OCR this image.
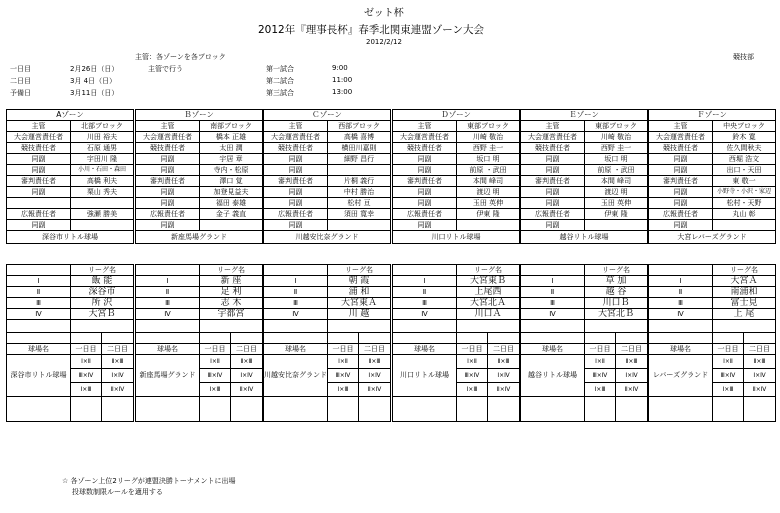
ゼット杯
2012年『理事長杯』春季北関東連盟ゾーン大会
2012/2/12
競技部
主管：各ゾーンを各ブロック
主管で行う
一日目	2月26日（日）
二日目	3月 4日（日）
予備日	3月11日（日）
第一試合	9:00
第二試合	11:00
第三試合	13:00
Aゾーン	
主管	北部ブロック
大会運営責任者	川田 裕夫
競技責任者	石原 通男
同副	宇田川 隆
同副	小川・石田・森田
審判責任者	高橋 利夫
同副	栗山 秀夫

広報責任者	強瀬 勝美
同副	
深谷市リトル球場	
	リーグ名	
Ⅰ	飯 能	
Ⅱ	深谷市	
Ⅲ	所 沢	
Ⅳ	大宮Ｂ	

球場名	一日目	二日目
深谷市リトル球場	Ⅰ×Ⅱ	Ⅱ×Ⅲ
	Ⅲ×Ⅳ	Ⅰ×Ⅳ
	Ⅰ×Ⅲ	Ⅱ×Ⅳ

Ｂゾーン	
主管	南部ブロック
大会運営責任者	橋本 正雄
競技責任者	太田 潤
同副	宇居 章
同副	寺内・松原
審判責任者	澤口 覚
同副	加登見益夫
同副	福田 泰雄
広報責任者	金子 義直
同副	
新座馬場グランド	
	リーグ名	
Ⅰ	新 座	
Ⅱ	足 利	
Ⅲ	志 木	
Ⅳ	宇都宮	

球場名	一日目	二日目
新座馬場グランド	Ⅰ×Ⅱ	Ⅱ×Ⅲ
	Ⅲ×Ⅳ	Ⅰ×Ⅳ
	Ⅰ×Ⅲ	Ⅱ×Ⅳ

Ｃゾーン	
主管	西部ブロック
大会運営責任者	高橋 喜博
競技責任者	横田川嘉則
同副	細野 昌行
同副	
審判責任者	片桐 義行
同副	中村 勝治
同副	松村 亘
広報責任者	須田 寛幸
同副	
川越安比奈グランド	
	リーグ名	
Ⅰ	朝 霞	
Ⅱ	浦 和	
Ⅲ	大宮東Ａ	
Ⅳ	川 越	

球場名	一日目	二日目
川越安比奈グランド	Ⅰ×Ⅱ	Ⅱ×Ⅲ
	Ⅲ×Ⅳ	Ⅰ×Ⅳ
	Ⅰ×Ⅲ	Ⅱ×Ⅳ

Ｄゾーン	
主管	東部ブロック
大会運営責任者	川崎 敬治
競技責任者	西野 圭一
同副	坂口 明
同副	前原 ・武田
審判責任者	本間 峰司
同副	渡辺 明
同副	玉田 英伸
広報責任者	伊東 隆
同副	
川口リトル球場	
	リーグ名	
Ⅰ	大宮東Ｂ	
Ⅱ	上尾西	
Ⅲ	大宮北Ａ	
Ⅳ	川口Ａ	

球場名	一日目	二日目
川口リトル球場	Ⅰ×Ⅱ	Ⅱ×Ⅲ
	Ⅲ×Ⅳ	Ⅰ×Ⅳ
	Ⅰ×Ⅲ	Ⅱ×Ⅳ

Ｅゾーン	
主管	東部ブロック
大会運営責任者	川崎 敬治
競技責任者	西野 圭一
同副	坂口 明
同副	前原 ・武田
審判責任者	本間 峰司
同副	渡辺 明
同副	玉田 英伸
広報責任者	伊東 隆
同副	
越谷リトル球場	
	リーグ名	
Ⅰ	草 加	
Ⅱ	越 谷	
Ⅲ	川口Ｂ	
Ⅳ	大宮北Ｂ	

球場名	一日目	二日目
越谷リトル球場	Ⅰ×Ⅱ	Ⅱ×Ⅲ
	Ⅲ×Ⅳ	Ⅰ×Ⅳ
	Ⅰ×Ⅲ	Ⅱ×Ⅳ

Ｆゾーン	
主管	中央ブロック
大会運営責任者	鈴木 寛
競技責任者	佐久間秋夫
同副	西堀 浩文
同副	出口・天田
審判責任者	東 敬一
同副	小野寺・小沢・家辺
同副	松村・天野
広報責任者	丸山 彰
同副	
大宮レバーズグランド	
	リーグ名	
Ⅰ	大宮Ａ	
Ⅱ	南浦和	
Ⅲ	富士見	
Ⅳ	上 尾	

球場名	一日目	二日目
レバーズグランド	Ⅰ×Ⅱ	Ⅱ×Ⅲ
	Ⅲ×Ⅳ	Ⅰ×Ⅳ
	Ⅰ×Ⅲ	Ⅱ×Ⅳ

☆ 各ゾーン上位2リーグが連盟決勝トーナメントに出場
投球数制限ルールを適用する
